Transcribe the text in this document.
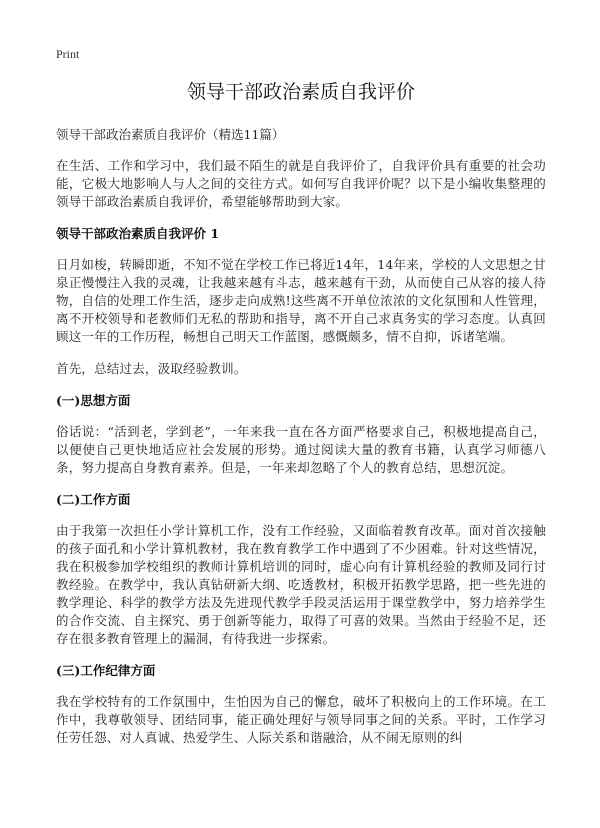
Print
领导干部政治素质自我评价
领导干部政治素质自我评价（精选11篇）

在生活、工作和学习中，我们最不陌生的就是自我评价了，自我评价具有重要的社会功能，它极大地影响人与人之间的交往方式。如何写自我评价呢？以下是小编收集整理的领导干部政治素质自我评价，希望能够帮助到大家。

领导干部政治素质自我评价 1

日月如梭，转瞬即逝，不知不觉在学校工作已将近14年，14年来，学校的人文思想之甘泉正慢慢注入我的灵魂，让我越来越有斗志，越来越有干劲，从而使自己从容的接人待物，自信的处理工作生活，逐步走向成熟!这些离不开单位浓浓的文化氛围和人性管理，离不开校领导和老教师们无私的帮助和指导，离不开自己求真务实的学习态度。认真回顾这一年的工作历程，畅想自己明天工作蓝图，感慨颇多，情不自抑，诉诸笔端。

首先，总结过去，汲取经验教训。

(一)思想方面

俗话说：“活到老，学到老”，一年来我一直在各方面严格要求自己，积极地提高自己，以便使自己更快地适应社会发展的形势。通过阅读大量的教育书籍，认真学习师德八条，努力提高自身教育素养。但是，一年来却忽略了个人的教育总结，思想沉淀。

(二)工作方面

由于我第一次担任小学计算机工作，没有工作经验，又面临着教育改革。面对首次接触的孩子面孔和小学计算机教材，我在教育教学工作中遇到了不少困难。针对这些情况，我在积极参加学校组织的教师计算机培训的同时，虚心向有计算机经验的教师及同行讨教经验。在教学中，我认真钻研新大纲、吃透教材，积极开拓教学思路，把一些先进的教学理论、科学的教学方法及先进现代教学手段灵活运用于课堂教学中，努力培养学生的合作交流、自主探究、勇于创新等能力，取得了可喜的效果。当然由于经验不足，还存在很多教育管理上的漏洞，有待我进一步探索。

(三)工作纪律方面

我在学校特有的工作氛围中，生怕因为自己的懈怠，破坏了积极向上的工作环境。在工作中，我尊敬领导、团结同事，能正确处理好与领导同事之间的关系。平时，工作学习任劳任怨、对人真诚、热爱学生、人际关系和谐融洽，从不闹无原则的纠
